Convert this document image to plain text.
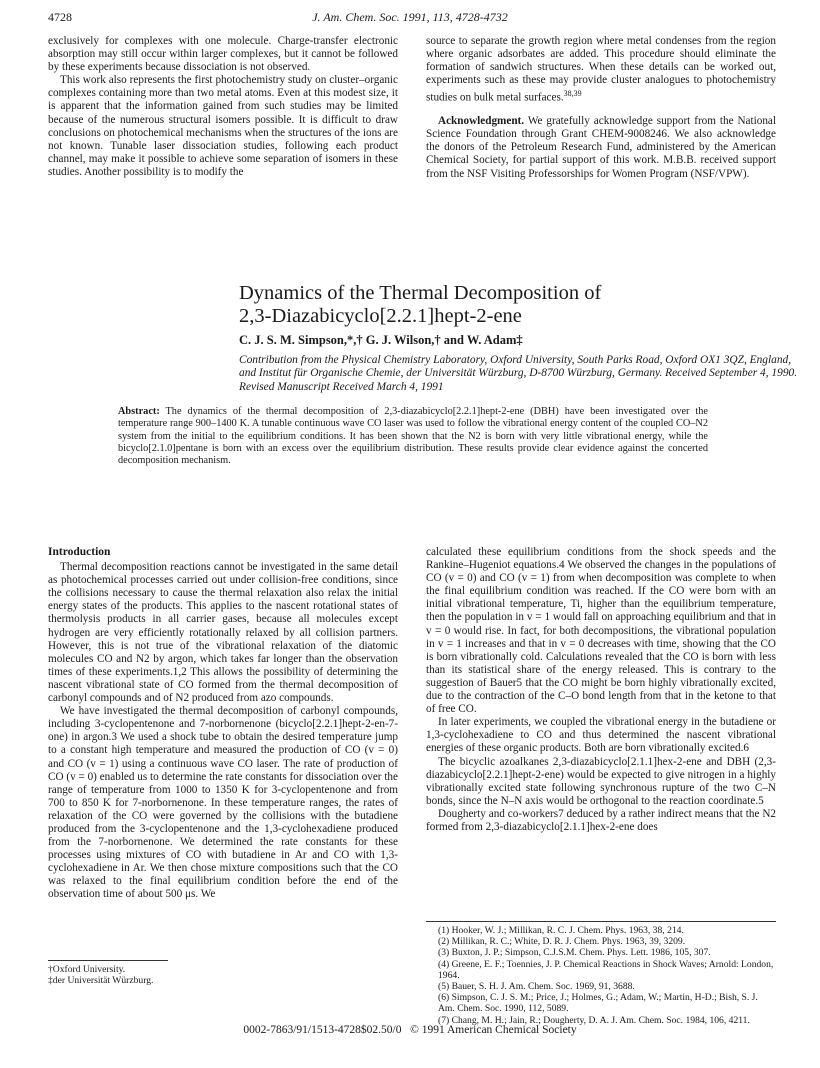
4728	J. Am. Chem. Soc. 1991, 113, 4728-4732

exclusively for complexes with one molecule. Charge-transfer electronic absorption may still occur within larger complexes, but it cannot be followed by these experiments because dissociation is not observed.

This work also represents the first photochemistry study on cluster–organic complexes containing more than two metal atoms. Even at this modest size, it is apparent that the information gained from such studies may be limited because of the numerous structural isomers possible. It is difficult to draw conclusions on photochemical mechanisms when the structures of the ions are not known. Tunable laser dissociation studies, following each product channel, may make it possible to achieve some separation of isomers in these studies. Another possibility is to modify the

source to separate the growth region where metal condenses from the region where organic adsorbates are added. This procedure should eliminate the formation of sandwich structures. When these details can be worked out, experiments such as these may provide cluster analogues to photochemistry studies on bulk metal surfaces.$^{38,39}$

Acknowledgment. We gratefully acknowledge support from the National Science Foundation through Grant CHEM-9008246. We also acknowledge the donors of the Petroleum Research Fund, administered by the American Chemical Society, for partial support of this work. M.B.B. received support from the NSF Visiting Professorships for Women Program (NSF/VPW).

Dynamics of the Thermal Decomposition of
2,3-Diazabicyclo[2.2.1]hept-2-ene
C. J. S. M. Simpson,*,† G. J. Wilson,† and W. Adam‡
Contribution from the Physical Chemistry Laboratory, Oxford University, South Parks Road, Oxford OX1 3QZ, England, and Institut für Organische Chemie, der Universität Würzburg, D-8700 Würzburg, Germany. Received September 4, 1990. Revised Manuscript Received March 4, 1991
Abstract: The dynamics of the thermal decomposition of 2,3-diazabicyclo[2.2.1]hept-2-ene (DBH) have been investigated over the temperature range 900–1400 K. A tunable continuous wave CO laser was used to follow the vibrational energy content of the coupled CO–N2 system from the initial to the equilibrium conditions. It has been shown that the N2 is born with very little vibrational energy, while the bicyclo[2.1.0]pentane is born with an excess over the equilibrium distribution. These results provide clear evidence against the concerted decomposition mechanism.

Introduction

Thermal decomposition reactions cannot be investigated in the same detail as photochemical processes carried out under collision-free conditions, since the collisions necessary to cause the thermal relaxation also relax the initial energy states of the products. This applies to the nascent rotational states of thermolysis products in all carrier gases, because all molecules except hydrogen are very efficiently rotationally relaxed by all collision partners. However, this is not true of the vibrational relaxation of the diatomic molecules CO and N2 by argon, which takes far longer than the observation times of these experiments.1,2 This allows the possibility of determining the nascent vibrational state of CO formed from the thermal decomposition of carbonyl compounds and of N2 produced from azo compounds.

We have investigated the thermal decomposition of carbonyl compounds, including 3-cyclopentenone and 7-norbornenone (bicyclo[2.2.1]hept-2-en-7-one) in argon.3 We used a shock tube to obtain the desired temperature jump to a constant high temperature and measured the production of CO (v = 0) and CO (v = 1) using a continuous wave CO laser. The rate of production of CO (v = 0) enabled us to determine the rate constants for dissociation over the range of temperature from 1000 to 1350 K for 3-cyclopentenone and from 700 to 850 K for 7-norbornenone. In these temperature ranges, the rates of relaxation of the CO were governed by the collisions with the butadiene produced from the 3-cyclopentenone and the 1,3-cyclohexadiene produced from the 7-norbornenone. We determined the rate constants for these processes using mixtures of CO with butadiene in Ar and CO with 1,3-cyclohexadiene in Ar. We then chose mixture compositions such that the CO was relaxed to the final equilibrium condition before the end of the observation time of about 500 μs. We

†Oxford University.
‡der Universität Würzburg.

calculated these equilibrium conditions from the shock speeds and the Rankine–Hugeniot equations.4 We observed the changes in the populations of CO (v = 0) and CO (v = 1) from when decomposition was complete to when the final equilibrium condition was reached. If the CO were born with an initial vibrational temperature, Ti, higher than the equilibrium temperature, then the population in v = 1 would fall on approaching equilibrium and that in v = 0 would rise. In fact, for both decompositions, the vibrational population in v = 1 increases and that in v = 0 decreases with time, showing that the CO is born vibrationally cold. Calculations revealed that the CO is born with less than its statistical share of the energy released. This is contrary to the suggestion of Bauer5 that the CO might be born highly vibrationally excited, due to the contraction of the C–O bond length from that in the ketone to that of free CO.

In later experiments, we coupled the vibrational energy in the butadiene or 1,3-cyclohexadiene to CO and thus determined the nascent vibrational energies of these organic products. Both are born vibrationally excited.6

The bicyclic azoalkanes 2,3-diazabicyclo[2.1.1]hex-2-ene and DBH (2,3-diazabicyclo[2.2.1]hept-2-ene) would be expected to give nitrogen in a highly vibrationally excited state following synchronous rupture of the two C–N bonds, since the N–N axis would be orthogonal to the reaction coordinate.5

Dougherty and co-workers7 deduced by a rather indirect means that the N2 formed from 2,3-diazabicyclo[2.1.1]hex-2-ene does

(1) Hooker, W. J.; Millikan, R. C. J. Chem. Phys. 1963, 38, 214.

(2) Millikan, R. C.; White, D. R. J. Chem. Phys. 1963, 39, 3209.

(3) Buxton, J. P.; Simpson, C.J.S.M. Chem. Phys. Lett. 1986, 105, 307.

(4) Greene, E. F.; Toennies, J. P. Chemical Reactions in Shock Waves; Arnold: London, 1964.

(5) Bauer, S. H. J. Am. Chem. Soc. 1969, 91, 3688.

(6) Simpson, C. J. S. M.; Price, J.; Holmes, G.; Adam, W.; Martin, H-D.; Bish, S. J. Am. Chem. Soc. 1990, 112, 5089.

(7) Chang, M. H.; Jain, R.; Dougherty, D. A. J. Am. Chem. Soc. 1984, 106, 4211.

0002-7863/91/1513-4728$02.50/0 © 1991 American Chemical Society
